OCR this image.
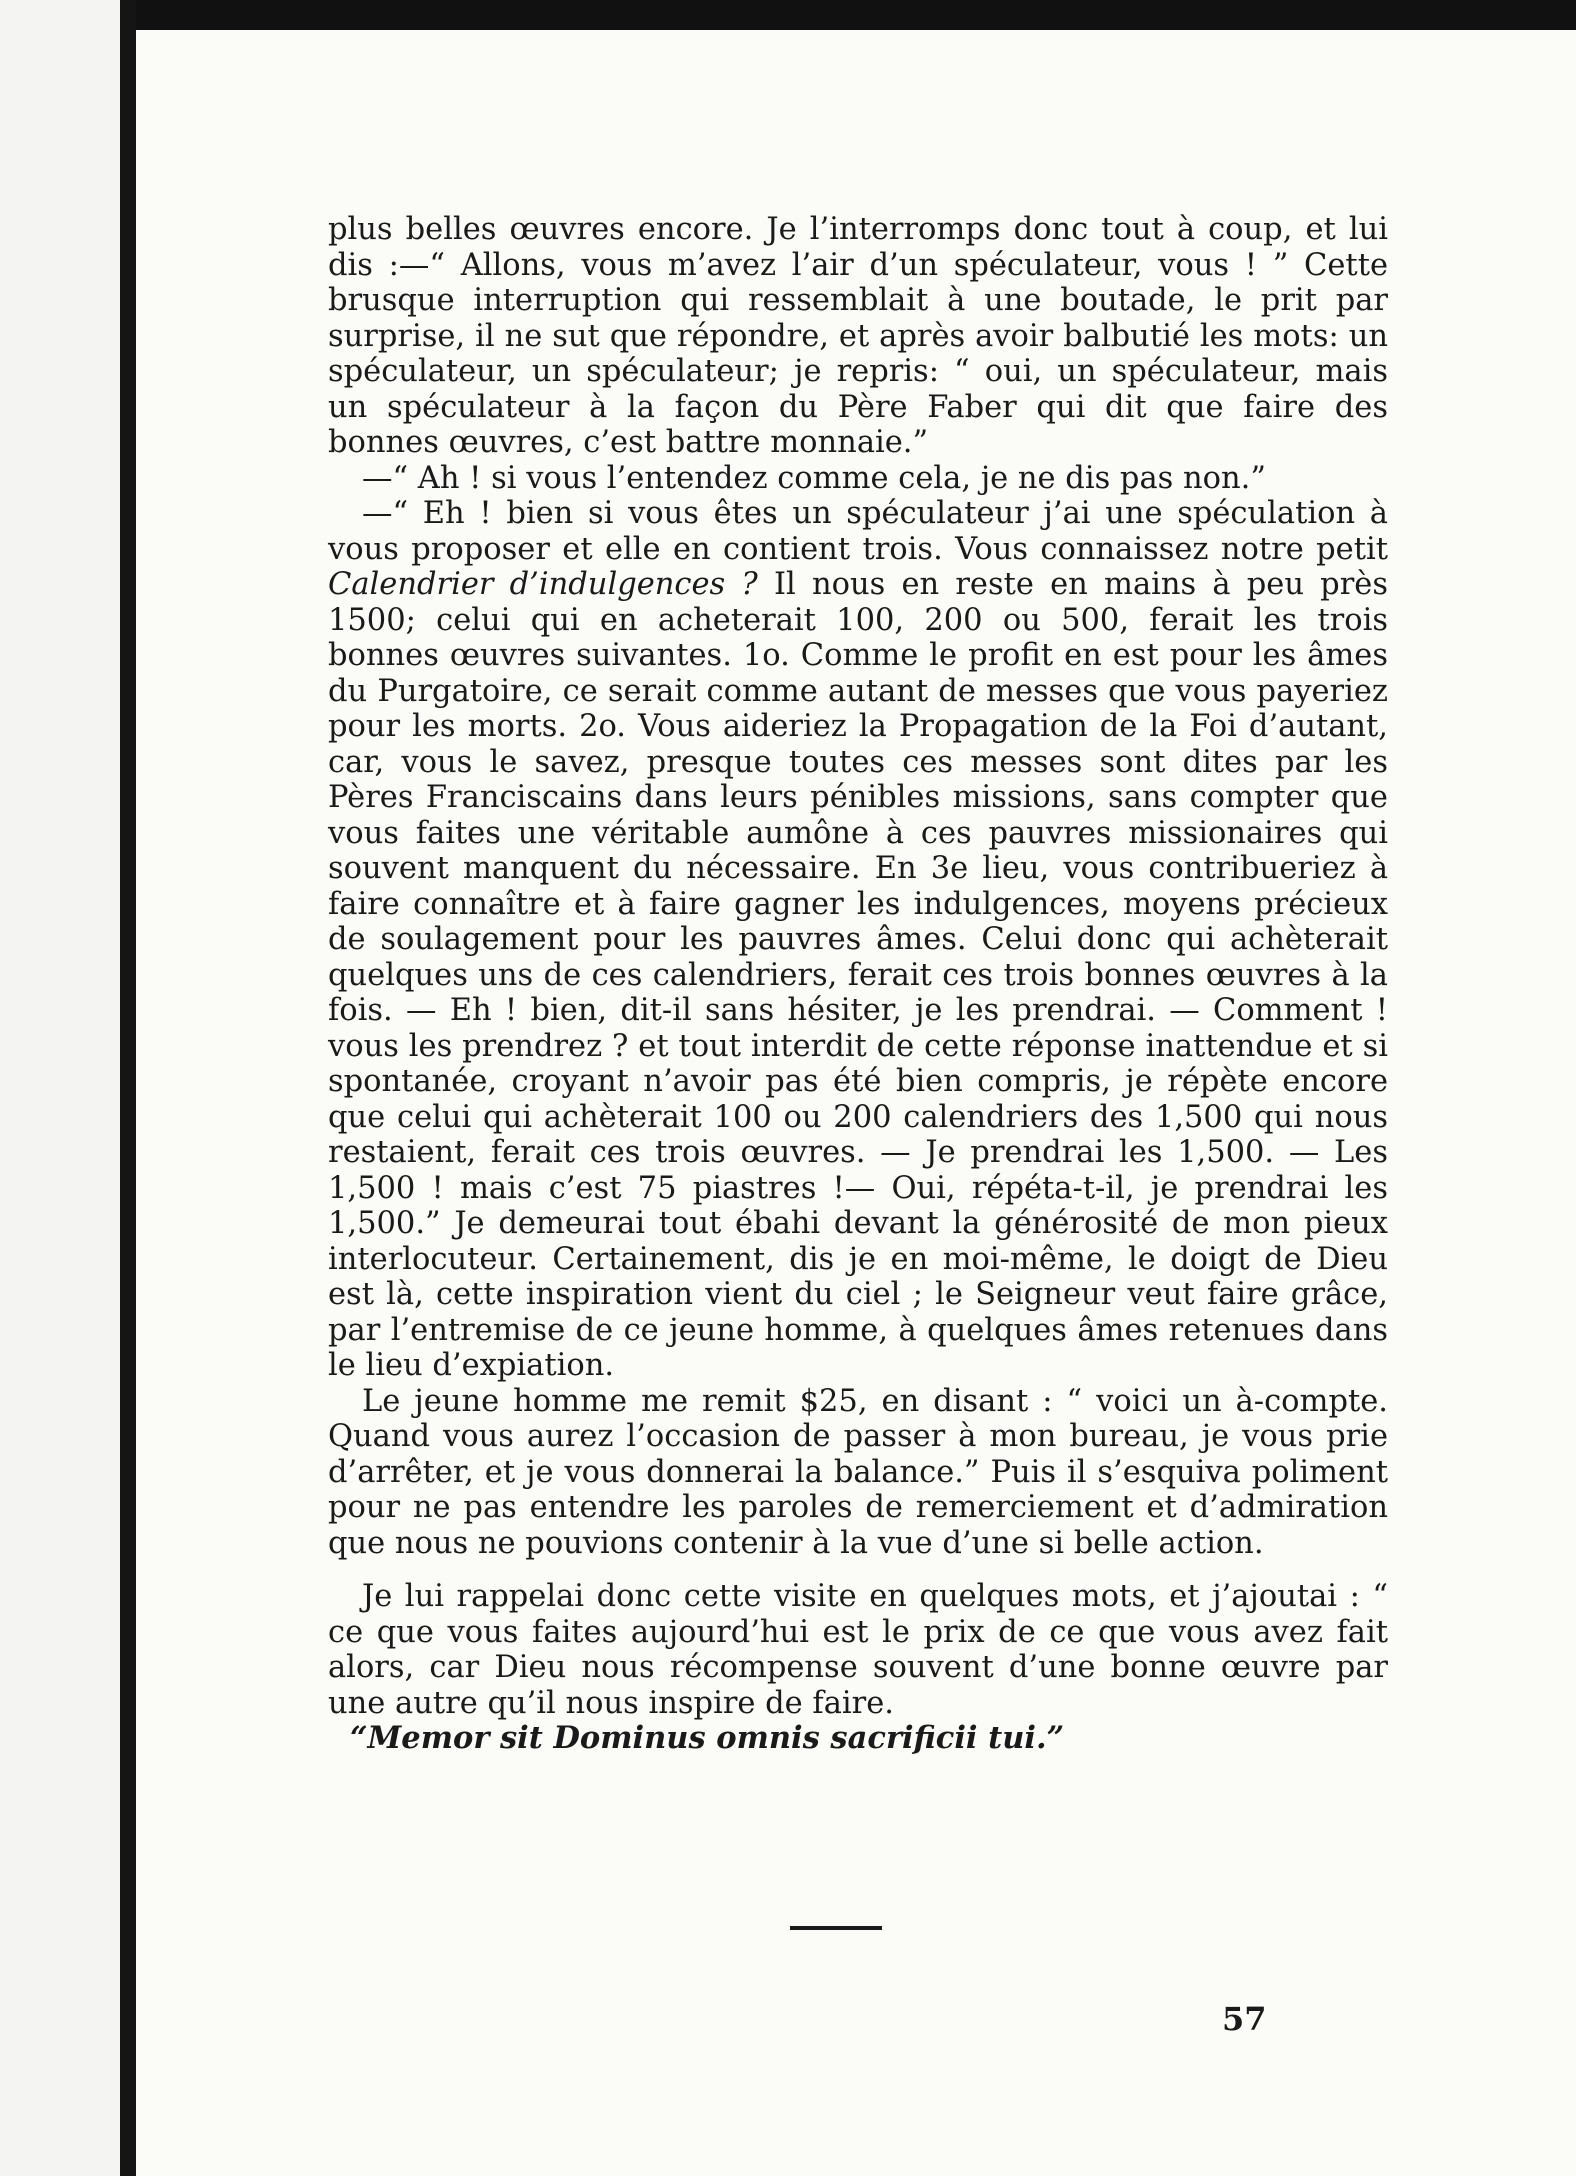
plus belles œuvres encore. Je l’interromps donc tout à coup, et lui dis :—“ Allons, vous m’avez l’air d’un spéculateur, vous ! ” Cette brusque interruption qui ressemblait à une boutade, le prit par surprise, il ne sut que répondre, et après avoir balbutié les mots: un spéculateur, un spéculateur; je repris: “ oui, un spéculateur, mais un spéculateur à la façon du Père Faber qui dit que faire des bonnes œuvres, c’est battre monnaie.”

—“ Ah ! si vous l’entendez comme cela, je ne dis pas non.”

—“ Eh ! bien si vous êtes un spéculateur j’ai une spéculation à vous proposer et elle en contient trois. Vous connaissez notre petit Calendrier d’indulgences ? Il nous en reste en mains à peu près 1500; celui qui en acheterait 100, 200 ou 500, ferait les trois bonnes œuvres suivantes. 1o. Comme le profit en est pour les âmes du Purgatoire, ce serait comme autant de messes que vous payeriez pour les morts. 2o. Vous aideriez la Propagation de la Foi d’autant, car, vous le savez, presque toutes ces messes sont dites par les Pères Franciscains dans leurs pénibles missions, sans compter que vous faites une véritable aumône à ces pauvres missionaires qui souvent manquent du nécessaire. En 3e lieu, vous contribueriez à faire connaître et à faire gagner les indulgences, moyens précieux de soulagement pour les pauvres âmes. Celui donc qui achèterait quelques uns de ces calendriers, ferait ces trois bonnes œuvres à la fois. — Eh ! bien, dit-il sans hésiter, je les prendrai. — Comment ! vous les prendrez ? et tout interdit de cette réponse inattendue et si spontanée, croyant n’avoir pas été bien compris, je répète encore que celui qui achèterait 100 ou 200 calendriers des 1,500 qui nous restaient, ferait ces trois œuvres. — Je prendrai les 1,500. — Les 1,500 ! mais c’est 75 piastres !— Oui, répéta-t-il, je prendrai les 1,500.” Je demeurai tout ébahi devant la générosité de mon pieux interlocuteur. Certainement, dis je en moi-même, le doigt de Dieu est là, cette inspiration vient du ciel ; le Seigneur veut faire grâce, par l’entremise de ce jeune homme, à quelques âmes retenues dans le lieu d’expiation.

Le jeune homme me remit $25, en disant : “ voici un à-compte. Quand vous aurez l’occasion de passer à mon bureau, je vous prie d’arrêter, et je vous donnerai la balance.” Puis il s’esquiva poliment pour ne pas entendre les paroles de remerciement et d’admiration que nous ne pouvions contenir à la vue d’une si belle action.

Je lui rappelai donc cette visite en quelques mots, et j’ajoutai : “ ce que vous faites aujourd’hui est le prix de ce que vous avez fait alors, car Dieu nous récompense souvent d’une bonne œuvre par une autre qu’il nous inspire de faire.

“Memor sit Dominus omnis sacrificii tui.”

57
